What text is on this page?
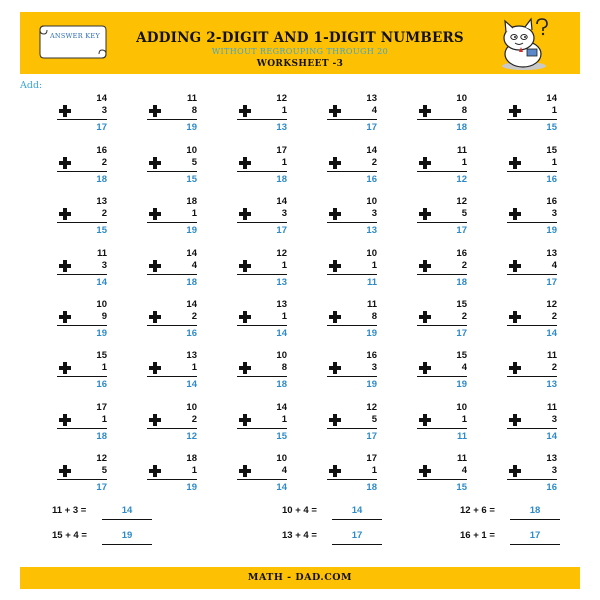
ANSWER KEY	ADDING 2-DIGIT AND 1-DIGIT NUMBERS
WITHOUT REGROUPING THROUGH 20
WORKSHEET -3
Add:
14
3
17
11
8
19
12
1
13
13
4
17
10
8
18
14
1
15
16
2
18
10
5
15
17
1
18
14
2
16
11
1
12
15
1
16
13
2
15
18
1
19
14
3
17
10
3
13
12
5
17
16
3
19
11
3
14
14
4
18
12
1
13
10
1
11
16
2
18
13
4
17
10
9
19
14
2
16
13
1
14
11
8
19
15
2
17
12
2
14
15
1
16
13
1
14
10
8
18
16
3
19
15
4
19
11
2
13
17
1
18
10
2
12
14
1
15
12
5
17
10
1
11
11
3
14
12
5
17
18
1
19
10
4
14
17
1
18
11
4
15
13
3
16
11 + 3 =	14	10 + 4 =	14	12 + 6 =	18
15 + 4 =	19	13 + 4 =	17	16 + 1 =	17
MATH - DAD.COM
